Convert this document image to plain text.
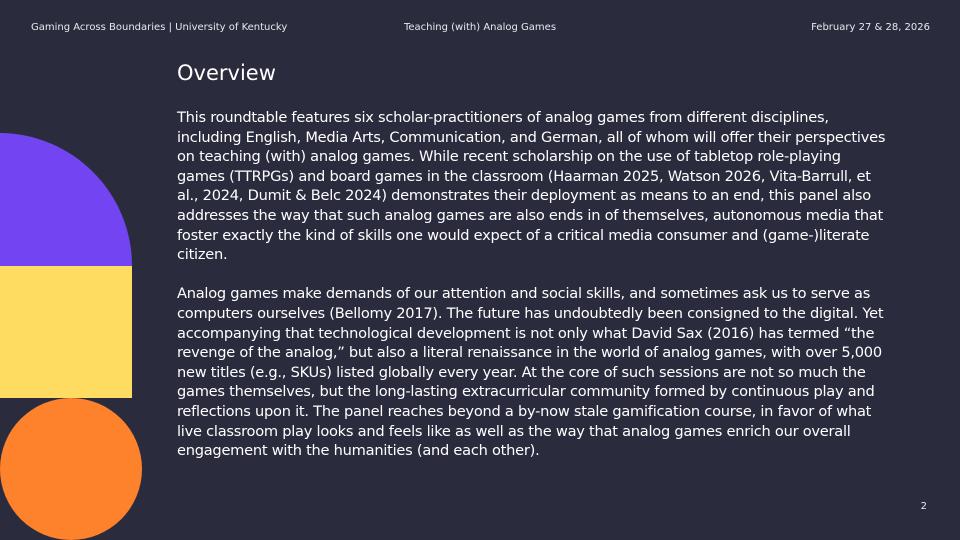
Gaming Across Boundaries | University of Kentucky	Teaching (with) Analog Games	February 27 & 28, 2026
Overview

This roundtable features six scholar-practitioners of analog games from different disciplines, including English, Media Arts, Communication, and German, all of whom will offer their perspectives on teaching (with) analog games. While recent scholarship on the use of tabletop role-playing games (TTRPGs) and board games in the classroom (Haarman 2025, Watson 2026, Vita-Barrull, et al., 2024, Dumit & Belc 2024) demonstrates their deployment as means to an end, this panel also addresses the way that such analog games are also ends in of themselves, autonomous media that foster exactly the kind of skills one would expect of a critical media consumer and (game-)literate citizen.

Analog games make demands of our attention and social skills, and sometimes ask us to serve as computers ourselves (Bellomy 2017). The future has undoubtedly been consigned to the digital. Yet accompanying that technological development is not only what David Sax (2016) has termed “the revenge of the analog,” but also a literal renaissance in the world of analog games, with over 5,000 new titles (e.g., SKUs) listed globally every year. At the core of such sessions are not so much the games themselves, but the long-lasting extracurricular community formed by continuous play and reflections upon it. The panel reaches beyond a by-now stale gamification course, in favor of what live classroom play looks and feels like as well as the way that analog games enrich our overall engagement with the humanities (and each other).

2
